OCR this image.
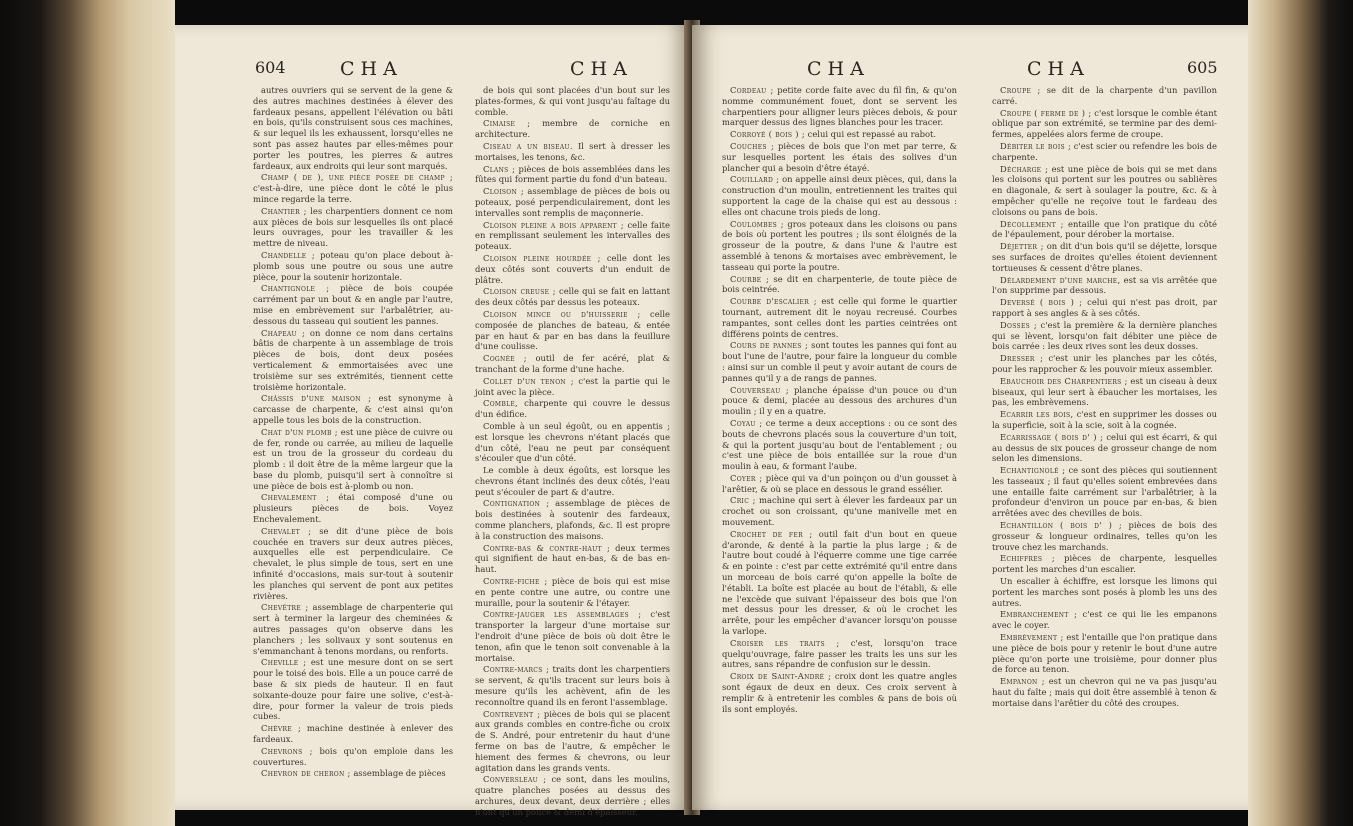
604	CHA	CHA

autres ouvriers qui se servent de la gene & des autres machines destinées à élever des fardeaux pesans, appellent l'élévation ou bâti en bois, qu'ils construisent sous ces machines, & sur lequel ils les exhaussent, lorsqu'elles ne sont pas assez hautes par elles-mêmes pour porter les poutres, les pierres & autres fardeaux, aux endroits qui leur sont marqués.

Champ ( de ), une pièce posée de champ ; c'est-à-dire, une pièce dont le côté le plus mince regarde la terre.

Chantier ; les charpentiers donnent ce nom aux pièces de bois sur lesquelles ils ont placé leurs ouvrages, pour les travailler & les mettre de niveau.

Chandelle ; poteau qu'on place debout à-plomb sous une poutre ou sous une autre pièce, pour la soutenir horizontale.

Chantignole ; pièce de bois coupée carrément par un bout & en angle par l'autre, mise en embrèvement sur l'arbalêtrier, au-dessous du tasseau qui soutient les pannes.

Chapeau ; on donne ce nom dans certains bâtis de charpente à un assemblage de trois pièces de bois, dont deux posées verticalement & emmortaisées avec une troisième sur ses extrémités, tiennent cette troisième horizontale.

Châssis d'une maison ; est synonyme à carcasse de charpente, & c'est ainsi qu'on appelle tous les bois de la construction.

Chat d'un plomb ; est une pièce de cuivre ou de fer, ronde ou carrée, au milieu de laquelle est un trou de la grosseur du cordeau du plomb : il doit être de la même largeur que la base du plomb, puisqu'il sert à connoître si une pièce de bois est à-plomb ou non.

Chevalement ; étai composé d'une ou plusieurs pièces de bois. Voyez Enchevalement.

Chevalet ; se dit d'une pièce de bois couchée en travers sur deux autres pièces, auxquelles elle est perpendiculaire. Ce chevalet, le plus simple de tous, sert en une infinité d'occasions, mais sur-tout à soutenir les planches qui servent de pont aux petites rivières.

Chevêtre ; assemblage de charpenterie qui sert à terminer la largeur des cheminées & autres passages qu'on observe dans les planchers ; les solivaux y sont soutenus en s'emmanchant à tenons mordans, ou renforts.

Cheville ; est une mesure dont on se sert pour le toisé des bois. Elle a un pouce carré de base & six pieds de hauteur. Il en faut soixante-douze pour faire une solive, c'est-à-dire, pour former la valeur de trois pieds cubes.

Chèvre ; machine destinée à enlever des fardeaux.

Chevrons ; bois qu'on emploie dans les couvertures.

Chevron de cheron ; assemblage de pièces

de bois qui sont placées d'un bout sur les plates-formes, & qui vont jusqu'au faîtage du comble.

Cimaise ; membre de corniche en architecture.

Ciseau a un biseau. Il sert à dresser les mortaises, les tenons, &c.

Clans ; pièces de bois assemblées dans les fûtes qui forment partie du fond d'un bateau.

Cloison ; assemblage de pièces de bois ou poteaux, posé perpendiculairement, dont les intervalles sont remplis de maçonnerie.

Cloison pleine a bois apparent ; celle faite en remplissant seulement les intervalles des poteaux.

Cloison pleine hourdée ; celle dont les deux côtés sont couverts d'un enduit de plâtre.

Cloison creuse ; celle qui se fait en lattant des deux côtés par dessus les poteaux.

Cloison mince ou d'huisserie ; celle composée de planches de bateau, & entée par en haut & par en bas dans la feuillure d'une coulisse.

Cognée ; outil de fer acéré, plat & tranchant de la forme d'une hache.

Collet d'un tenon ; c'est la partie qui le joint avec la pièce.

Comble, charpente qui couvre le dessus d'un édifice.

Comble à un seul égoût, ou en appentis ; est lorsque les chevrons n'étant placés que d'un côté, l'eau ne peut par conséquent s'écouler que d'un côté.

Le comble à deux égoûts, est lorsque les chevrons étant inclinés des deux côtés, l'eau peut s'écouler de part & d'autre.

Contignation ; assemblage de pièces de bois destinées à soutenir des fardeaux, comme planchers, plafonds, &c. Il est propre à la construction des maisons.

Contre-bas & contre-haut ; deux termes qui signifient de haut en-bas, & de bas en-haut.

Contre-fiche ; pièce de bois qui est mise en pente contre une autre, ou contre une muraille, pour la soutenir & l'étayer.

Contre-jauger les assemblages ; c'est transporter la largeur d'une mortaise sur l'endroit d'une pièce de bois où doit être le tenon, afin que le tenon soit convenable à la mortaise.

Contre-marcs ; traits dont les charpentiers se servent, & qu'ils tracent sur leurs bois à mesure qu'ils les achèvent, afin de les reconnoître quand ils en feront l'assemblage.

Contrevent ; pièces de bois qui se placent aux grands combles en contre-fiche ou croix de S. André, pour entretenir du haut d'une ferme on bas de l'autre, & empêcher le hiement des fermes & chevrons, ou leur agitation dans les grands vents.

Conversleau ; ce sont, dans les moulins, quatre planches posées au dessus des archures, deux devant, deux derrière ; elles n'ont qu'un pouce & demi d'épaisseur.

CHA	CHA	605

Cordeau ; petite corde faite avec du fil fin, & qu'on nomme communément fouet, dont se servent les charpentiers pour alligner leurs pièces debois, & pour marquer dessus des lignes blanches pour les tracer.

Corroyé ( bois ) ; celui qui est repassé au rabot.

Couches ; pièces de bois que l'on met par terre, & sur lesquelles portent les étais des solives d'un plancher qui a besoin d'être étayé.

Couillard ; on appelle ainsi deux pièces, qui, dans la construction d'un moulin, entretiennent les traites qui supportent la cage de la chaise qui est au dessous : elles ont chacune trois pieds de long.

Coulombes ; gros poteaux dans les cloisons ou pans de bois où portent les poutres ; ils sont éloignés de la grosseur de la poutre, & dans l'une & l'autre est assemblé à tenons & mortaises avec embrèvement, le tasseau qui porte la poutre.

Courbe ; se dit en charpenterie, de toute pièce de bois ceintrée.

Courbe d'escalier ; est celle qui forme le quartier tournant, autrement dit le noyau recreusé. Courbes rampantes, sont celles dont les parties ceintrées ont différens points de centres.

Cours de pannes ; sont toutes les pannes qui font au bout l'une de l'autre, pour faire la longueur du comble : ainsi sur un comble il peut y avoir autant de cours de pannes qu'il y a de rangs de pannes.

Couverseau ; planche épaisse d'un pouce ou d'un pouce & demi, placée au dessous des archures d'un moulin ; il y en a quatre.

Coyau ; ce terme a deux acceptions : ou ce sont des bouts de chevrons placés sous la couverture d'un toit, & qui la portent jusqu'au bout de l'entablement ; ou c'est une pièce de bois entaillée sur la roue d'un moulin à eau, & formant l'aube.

Coyer ; pièce qui va d'un poinçon ou d'un gousset à l'arêtier, & où se place en dessous le grand essélier.

Cric ; machine qui sert à élever les fardeaux par un crochet ou son croissant, qu'une manivelle met en mouvement.

Crochet de fer ; outil fait d'un bout en queue d'aronde, & denté à la partie la plus large ; & de l'autre bout coudé à l'équerre comme une tige carrée & en pointe : c'est par cette extrémité qu'il entre dans un morceau de bois carré qu'on appelle la boîte de l'établi. La boîte est placée au bout de l'établi, & elle ne l'excède que suivant l'épaisseur des bois que l'on met dessus pour les dresser, & où le crochet les arrête, pour les empêcher d'avancer lorsqu'on pousse la varlope.

Croiser les traits ; c'est, lorsqu'on trace quelqu'ouvrage, faire passer les traits les uns sur les autres, sans répandre de confusion sur le dessin.

Croix de Saint-André ; croix dont les quatre angles sont égaux de deux en deux. Ces croix servent à remplir & à entretenir les combles & pans de bois où ils sont employés.

Croupe ; se dit de la charpente d'un pavillon carré.

Croupe ( ferme de ) ; c'est lorsque le comble étant oblique par son extrémité, se termine par des demi-fermes, appelées alors ferme de croupe.

Débiter le bois ; c'est scier ou refendre les bois de charpente.

Décharge ; est une pièce de bois qui se met dans les cloisons qui portent sur les poutres ou sablières en diagonale, & sert à soulager la poutre, &c. & à empêcher qu'elle ne reçoive tout le fardeau des cloisons ou pans de bois.

Décollement ; entaille que l'on pratique du côté de l'épaulement, pour dérober la mortaise.

Déjetter ; on dit d'un bois qu'il se déjette, lorsque ses surfaces de droites qu'elles étoient deviennent tortueuses & cessent d'être planes.

Délardement d'une marche, est sa vis arrêtée que l'on supprime par dessous.

Deversé ( bois ) ; celui qui n'est pas droit, par rapport à ses angles & à ses côtés.

Dosses ; c'est la première & la dernière planches qui se lèvent, lorsqu'on fait débiter une pièce de bois carrée : les deux rives sont les deux dosses.

Dresser ; c'est unir les planches par les côtés, pour les rapprocher & les pouvoir mieux assembler.

Ebauchoir des Charpentiers ; est un ciseau à deux biseaux, qui leur sert à ébaucher les mortaises, les pas, les embrèvemens.

Ecarrir les bois, c'est en supprimer les dosses ou la superficie, soit à la scie, soit à la cognée.

Ecarrissage ( bois d' ) ; celui qui est écarri, & qui au dessus de six pouces de grosseur change de nom selon les dimensions.

Echantignolé ; ce sont des pièces qui soutiennent les tasseaux ; il faut qu'elles soient embrevées dans une entaille faite carrément sur l'arbalêtrier, à la profondeur d'environ un pouce par en-bas, & bien arrêtées avec des chevilles de bois.

Echantillon ( bois d' ) ; pièces de bois des grosseur & longueur ordinaires, telles qu'on les trouve chez les marchands.

Echiffres ; pièces de charpente, lesquelles portent les marches d'un escalier.

Un escalier à échiffre, est lorsque les limons qui portent les marches sont posés à plomb les uns des autres.

Embranchement ; c'est ce qui lie les empanons avec le coyer.

Embrèvement ; est l'entaille que l'on pratique dans une pièce de bois pour y retenir le bout d'une autre pièce qu'on porte une troisième, pour donner plus de force au tenon.

Empanon ; est un chevron qui ne va pas jusqu'au haut du faîte ; mais qui doit être assemblé à tenon & mortaise dans l'arêtier du côté des croupes.
